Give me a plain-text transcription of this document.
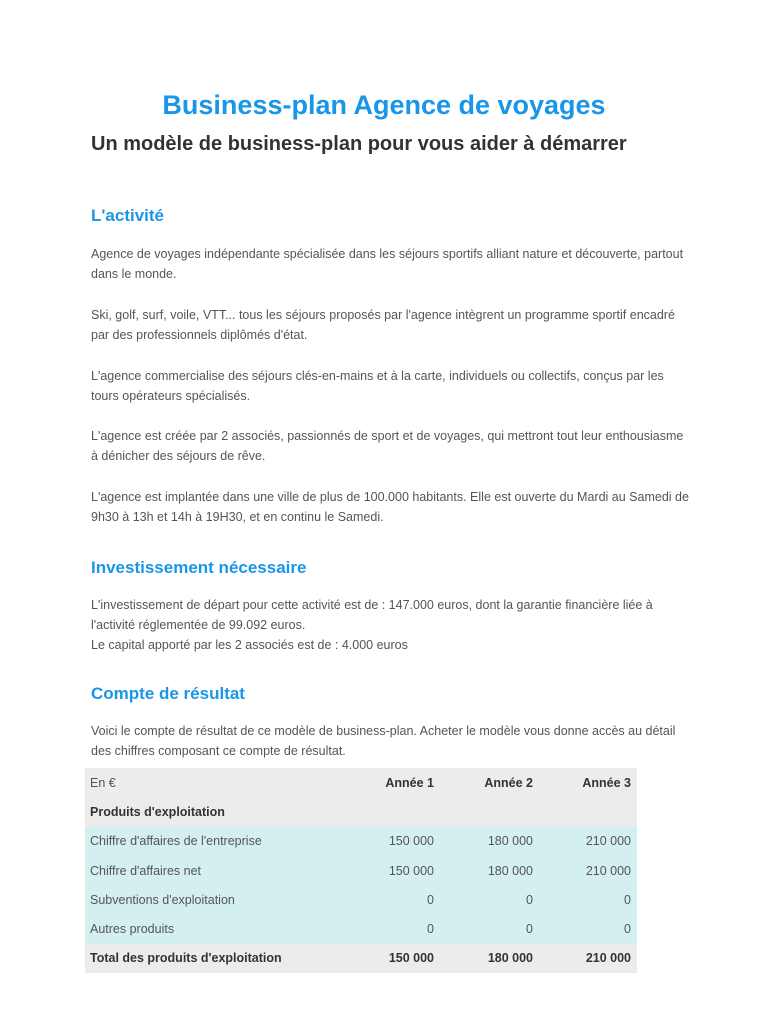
Business-plan Agence de voyages
Un modèle de business-plan pour vous aider à démarrer
L'activité

Agence de voyages indépendante spécialisée dans les séjours sportifs alliant nature et découverte, partout dans le monde.

Ski, golf, surf, voile, VTT... tous les séjours proposés par l'agence intègrent un programme sportif encadré par des professionnels diplômés d'état.

L'agence commercialise des séjours clés-en-mains et à la carte, individuels ou collectifs, conçus par les tours opérateurs spécialisés.

L'agence est créée par 2 associés, passionnés de sport et de voyages, qui mettront tout leur enthousiasme à dénicher des séjours de rêve.

L'agence est implantée dans une ville de plus de 100.000 habitants. Elle est ouverte du Mardi au Samedi de 9h30 à 13h et 14h à 19H30, et en continu le Samedi.

Investissement nécessaire

L'investissement de départ pour cette activité est de : 147.000 euros, dont la garantie financière liée à l'activité réglementée de 99.092 euros.

Le capital apporté par les 2 associés est de : 4.000 euros

Compte de résultat

Voici le compte de résultat de ce modèle de business-plan. Acheter le modèle vous donne accès au détail des chiffres composant ce compte de résultat.

En €	Année 1	Année 2	Année 3
Produits d'exploitation
Chiffre d'affaires de l'entreprise	150 000	180 000	210 000
Chiffre d'affaires net	150 000	180 000	210 000
Subventions d'exploitation	0	0	0
Autres produits	0	0	0
Total des produits d'exploitation	150 000	180 000	210 000
